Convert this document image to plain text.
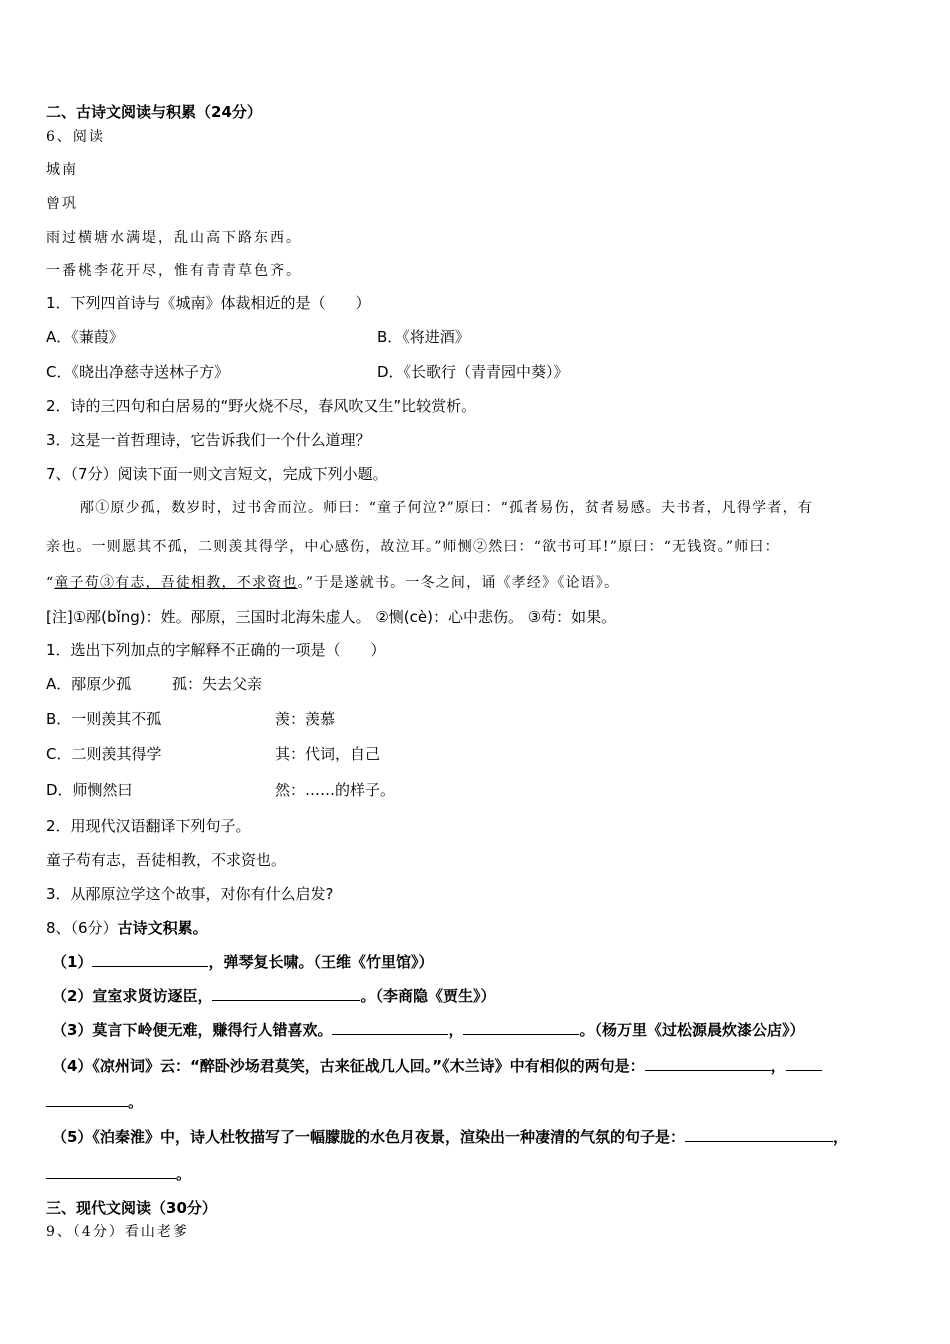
二、古诗文阅读与积累（24分）
6、阅读
城南
曾巩
雨过横塘水满堤，乱山高下路东西。
一番桃李花开尽，惟有青青草色齐。
1．下列四首诗与《城南》体裁相近的是（　　）
A．《蒹葭》	B．《将进酒》
C．《晓出净慈寺送林子方》	D．《长歌行（青青园中葵）》
2．诗的三四句和白居易的“野火烧不尽，春风吹又生”比较赏析。
3．这是一首哲理诗，它告诉我们一个什么道理？
7、（7分）阅读下面一则文言短文，完成下列小题。
邴①原少孤，数岁时，过书舍而泣。师曰：“童子何泣?”原曰：“孤者易伤，贫者易感。夫书者，凡得学者，有
亲也。一则愿其不孤，二则羡其得学，中心感伤，故泣耳。”师恻②然曰：“欲书可耳!”原曰：“无钱资。”师曰：
“童子苟③有志，吾徒相教，不求资也。”于是遂就书。一冬之间，诵《孝经》《论语》。
[注]①邴(bǐng)：姓。邴原，三国时北海朱虚人。 ②恻(cè)：心中悲伤。 ③苟：如果。
1．选出下列加点的字解释不正确的一项是（　　）
A．邴原少孤	孤：失去父亲
B．一则羡其不孤	羡：羡慕
C．二则羡其得学	其：代词，自己
D．师恻然曰	然：……的样子。
2．用现代汉语翻译下列句子。
童子苟有志，吾徒相教，不求资也。
3．从邴原泣学这个故事，对你有什么启发?
8、（6分）古诗文积累。
（1）	，弹琴复长啸。（王维《竹里馆》）
（2）宣室求贤访逐臣，	。（李商隐《贾生》）
（3）莫言下岭便无难，赚得行人错喜欢。	，	。（杨万里《过松源晨炊漆公店》）
（4）《凉州词》云：“醉卧沙场君莫笑，古来征战几人回。”《木兰诗》中有相似的两句是：	，
。
（5）《泊秦淮》中，诗人杜牧描写了一幅朦胧的水色月夜景，渲染出一种凄清的气氛的句子是：	，
。
三、现代文阅读（30分）
9、（4分）看山老爹
